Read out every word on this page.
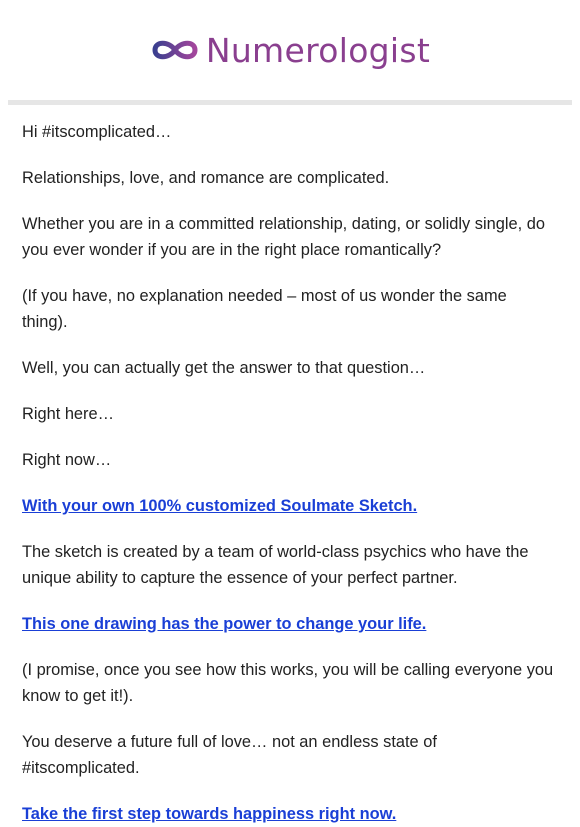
Numerologist

Hi #itscomplicated…

Relationships, love, and romance are complicated.

Whether you are in a committed relationship, dating, or solidly single, do you ever wonder if you are in the right place romantically?

(If you have, no explanation needed – most of us wonder the same thing).

Well, you can actually get the answer to that question…

Right here…

Right now…

With your own 100% customized Soulmate Sketch.

The sketch is created by a team of world-class psychics who have the unique ability to capture the essence of your perfect partner.

This one drawing has the power to change your life.

(I promise, once you see how this works, you will be calling everyone you know to get it!).

You deserve a future full of love… not an endless state of #itscomplicated.

Take the first step towards happiness right now.
